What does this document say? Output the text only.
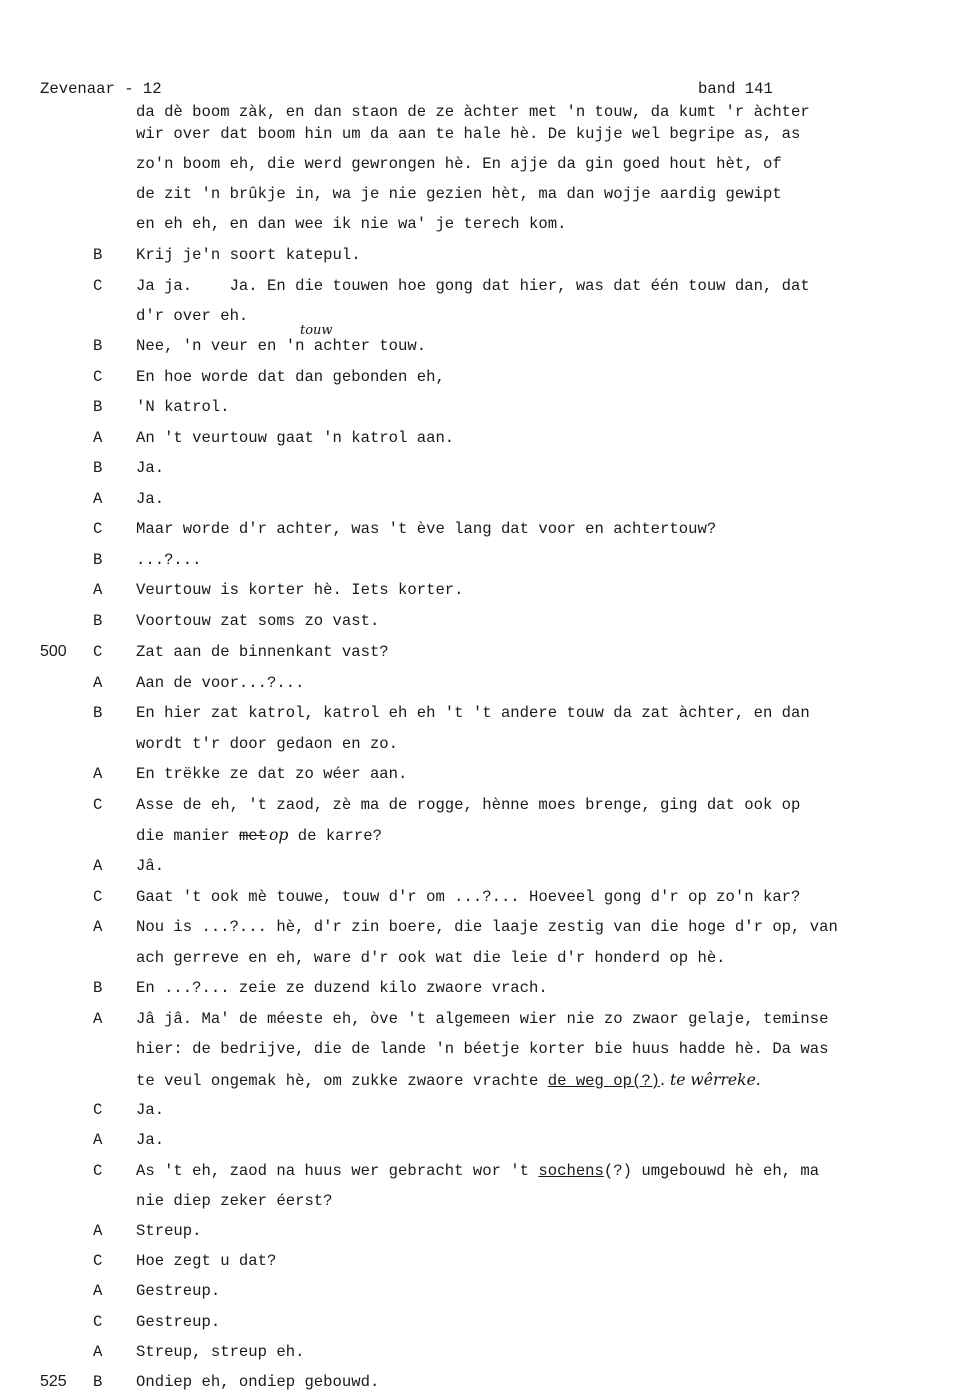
Zevenaar - 12	band 141
da dè boom zàk, en dan staon de ze àchter met 'n touw, da kumt 'r àchter
wir over dat boom hin um da aan te hale hè. De kujje wel begripe as, as
zo'n boom eh, die werd gewrongen hè. En ajje da gin goed hout hèt, of
de zit 'n brûkje in, wa je nie gezien hèt, ma dan wojje aardig gewipt
en eh eh, en dan wee ik nie wa' je terech kom.
B Krij je'n soort katepul.
C Ja ja.    Ja. En die touwen hoe gong dat hier, was dat één touw dan, dat
d'r over eh.
B Nee, 'n veur en 'n achter touw.
touw
C En hoe worde dat dan gebonden eh,
B 'N katrol.
A An 't veurtouw gaat 'n katrol aan.
B Ja.
A Ja.
C Maar worde d'r achter, was 't ève lang dat voor en achtertouw?
B ...?...
A Veurtouw is korter hè. Iets korter.
B Voortouw zat soms zo vast.
500 C Zat aan de binnenkant vast?
A Aan de voor...?...
B En hier zat katrol, katrol eh eh 't 't andere touw da zat àchter, en dan
wordt t'r door gedaon en zo.
A En trëkke ze dat zo wéer aan.
C Asse de eh, 't zaod, zè ma de rogge, hènne moes brenge, ging dat ook op
die manier met op de karre?
A Jâ.
C Gaat 't ook mè touwe, touw d'r om ...?... Hoeveel gong d'r op zo'n kar?
A Nou is ...?... hè, d'r zin boere, die laaje zestig van die hoge d'r op, van
ach gerreve en eh, ware d'r ook wat die leie d'r honderd op hè.
B En ...?... zeie ze duzend kilo zwaore vrach.
A Jâ jâ. Ma' de méeste eh, òve 't algemeen wier nie zo zwaor gelaje, teminse
hier: de bedrijve, die de lande 'n béetje korter bie huus hadde hè. Da was
te veul ongemak hè, om zukke zwaore vrachte de weg op(?). te wêrreke.
C Ja.
A Ja.
C As 't eh, zaod na huus wer gebracht wor 't sochens(?) umgebouwd hè eh, ma
nie diep zeker éerst?
A Streup.
C Hoe zegt u dat?
A Gestreup.
C Gestreup.
A Streup, streup eh.
525 B Ondiep eh, ondiep gebouwd.
